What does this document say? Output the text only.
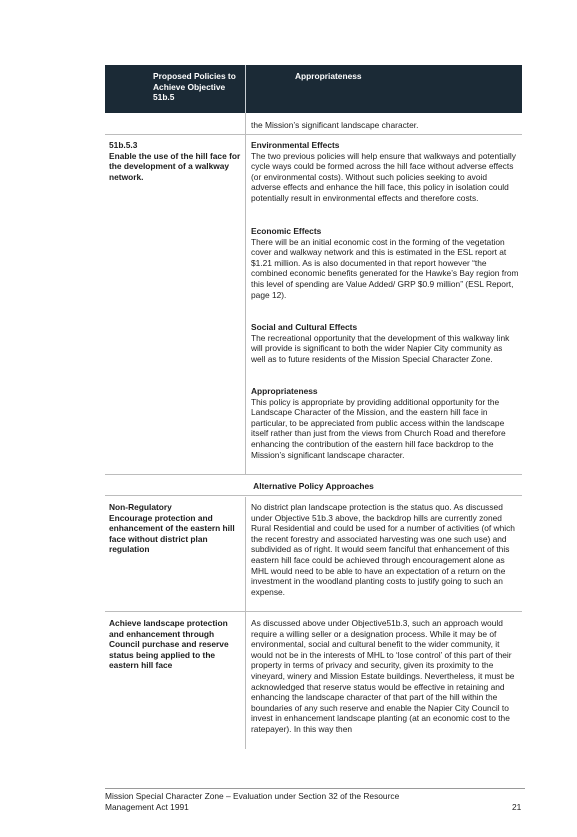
Proposed Policies to Achieve Objective 51b.5
Appropriateness
the Mission’s significant landscape character.
51b.5.3
Enable the use of the hill face for the development of a walkway network.

Environmental Effects

The two previous policies will help ensure that walkways and potentially cycle ways could be formed across the hill face without adverse effects (or environmental costs). Without such policies seeking to avoid adverse effects and enhance the hill face, this policy in isolation could potentially result in environmental effects and therefore costs.

Economic Effects

There will be an initial economic cost in the forming of the vegetation cover and walkway network and this is estimated in the ESL report at $1.21 million. As is also documented in that report however “the combined economic benefits generated for the Hawke’s Bay region from this level of spending are Value Added/ GRP $0.9 million” (ESL Report, page 12).

Social and Cultural Effects

The recreational opportunity that the development of this walkway link will provide is significant to both the wider Napier City community as well as to future residents of the Mission Special Character Zone.

Appropriateness

This policy is appropriate by providing additional opportunity for the Landscape Character of the Mission, and the eastern hill face in particular, to be appreciated from public access within the landscape itself rather than just from the views from Church Road and therefore enhancing the contribution of the eastern hill face backdrop to the Mission’s significant landscape character.

Alternative Policy Approaches
Non-Regulatory
Encourage protection and enhancement of the eastern hill face without district plan regulation
No district plan landscape protection is the status quo. As discussed under Objective 51b.3 above, the backdrop hills are currently zoned Rural Residential and could be used for a number of activities (of which the recent forestry and associated harvesting was one such use) and subdivided as of right. It would seem fanciful that enhancement of this eastern hill face could be achieved through encouragement alone as MHL would need to be able to have an expectation of a return on the investment in the woodland planting costs to justify going to such an expense.
Achieve landscape protection and enhancement through Council purchase and reserve status being applied to the eastern hill face
As discussed above under Objective51b.3, such an approach would require a willing seller or a designation process. While it may be of environmental, social and cultural benefit to the wider community, it would not be in the interests of MHL to ‘lose control’ of this part of their property in terms of privacy and security, given its proximity to the vineyard, winery and Mission Estate buildings. Nevertheless, it must be acknowledged that reserve status would be effective in retaining and enhancing the landscape character of that part of the hill within the boundaries of any such reserve and enable the Napier City Council to invest in enhancement landscape planting (at an economic cost to the ratepayer). In this way then
Mission Special Character Zone – Evaluation under Section 32 of the Resource Management Act 1991	21
